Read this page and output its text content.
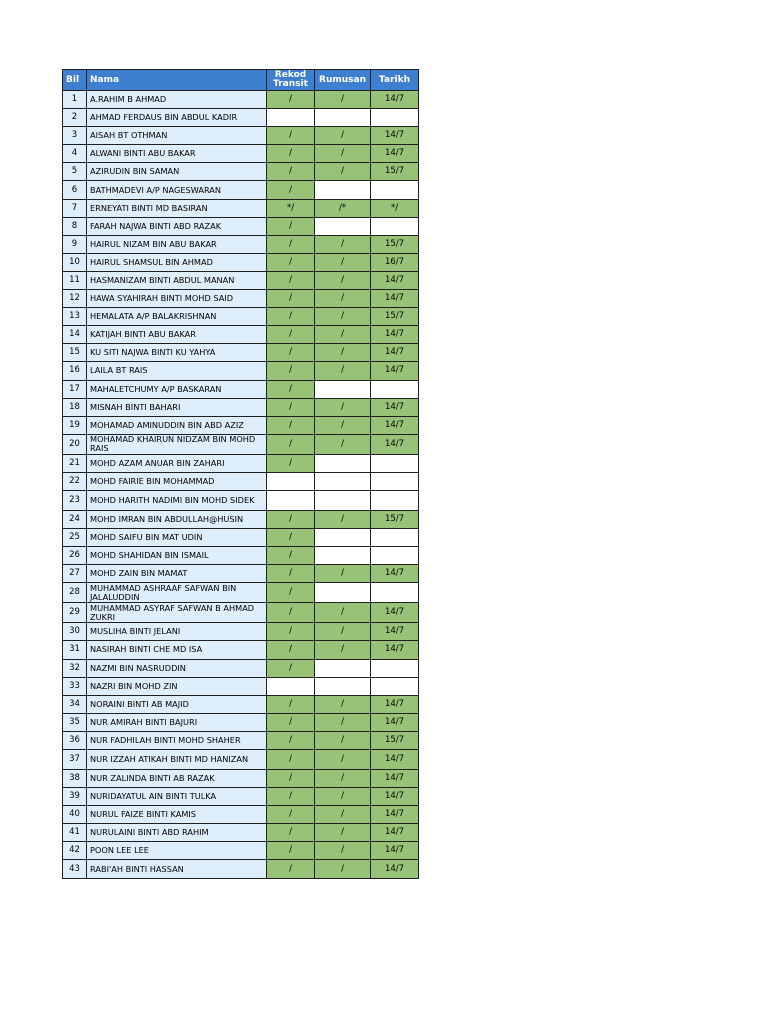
Bil	Nama	Rekod Transit	Rumusan	Tarikh
1	A.RAHIM B AHMAD	/	/	14/7
2	AHMAD FERDAUS BIN ABDUL KADIR			
3	AISAH BT OTHMAN	/	/	14/7
4	ALWANI BINTI ABU BAKAR	/	/	14/7
5	AZIRUDIN BIN SAMAN	/	/	15/7
6	BATHMADEVI A/P NAGESWARAN	/		
7	ERNEYATI BINTI MD BASIRAN	*/	/*	*/
8	FARAH NAJWA BINTI ABD RAZAK	/		
9	HAIRUL NIZAM BIN ABU BAKAR	/	/	15/7
10	HAIRUL SHAMSUL BIN AHMAD	/	/	16/7
11	HASMANIZAM BINTI ABDUL MANAN	/	/	14/7
12	HAWA SYAHIRAH BINTI MOHD SAID	/	/	14/7
13	HEMALATA A/P BALAKRISHNAN	/	/	15/7
14	KATIJAH BINTI ABU BAKAR	/	/	14/7
15	KU SITI NAJWA BINTI KU YAHYA	/	/	14/7
16	LAILA BT RAIS	/	/	14/7
17	MAHALETCHUMY A/P BASKARAN	/		
18	MISNAH BINTI BAHARI	/	/	14/7
19	MOHAMAD AMINUDDIN BIN ABD AZIZ	/	/	14/7
20	MOHAMAD KHAIRUN NIDZAM BIN MOHD RAIS	/	/	14/7
21	MOHD AZAM ANUAR BIN ZAHARI	/		
22	MOHD FAIRIE BIN MOHAMMAD			
23	MOHD HARITH NADIMI BIN MOHD SIDEK			
24	MOHD IMRAN BIN ABDULLAH@HUSIN	/	/	15/7
25	MOHD SAIFU BIN MAT UDIN	/		
26	MOHD SHAHIDAN BIN ISMAIL	/		
27	MOHD ZAIN BIN MAMAT	/	/	14/7
28	MUHAMMAD ASHRAAF SAFWAN BIN JALALUDDIN	/		
29	MUHAMMAD ASYRAF SAFWAN B AHMAD ZUKRI	/	/	14/7
30	MUSLIHA BINTI JELANI	/	/	14/7
31	NASIRAH BINTI CHE MD ISA	/	/	14/7
32	NAZMI BIN NASRUDDIN	/		
33	NAZRI BIN MOHD ZIN			
34	NORAINI BINTI AB MAJID	/	/	14/7
35	NUR AMIRAH BINTI BAJURI	/	/	14/7
36	NUR FADHILAH BINTI MOHD SHAHER	/	/	15/7
37	NUR IZZAH ATIKAH BINTI MD HANIZAN	/	/	14/7
38	NUR ZALINDA BINTI AB RAZAK	/	/	14/7
39	NURIDAYATUL AIN BINTI TULKA	/	/	14/7
40	NURUL FAIZE BINTI KAMIS	/	/	14/7
41	NURULAINI BINTI ABD RAHIM	/	/	14/7
42	POON LEE LEE	/	/	14/7
43	RABI'AH BINTI HASSAN	/	/	14/7
